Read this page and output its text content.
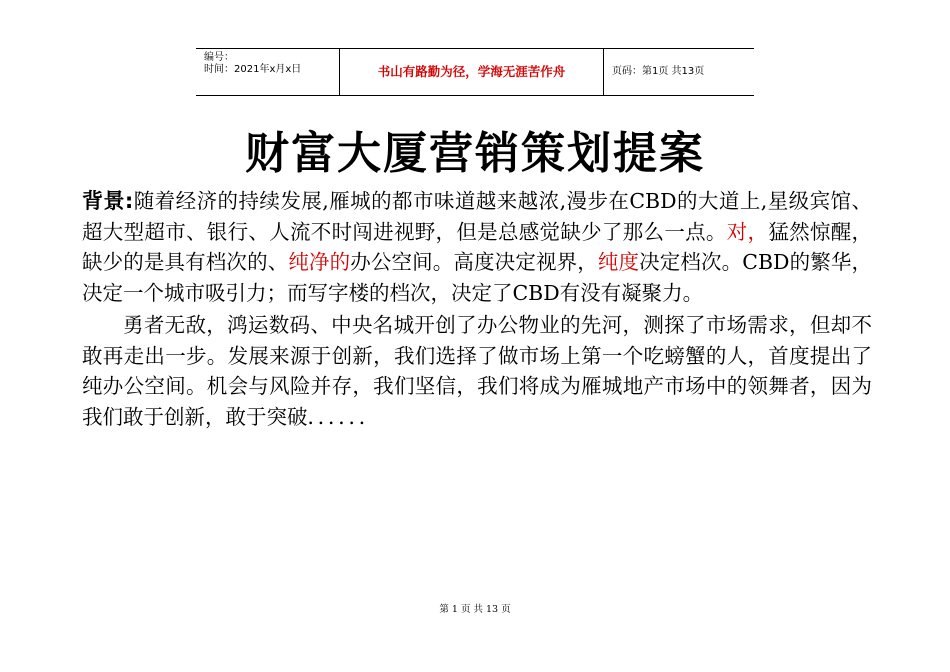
编号：
时间：2021年x月x日	书山有路勤为径，学海无涯苦作舟	页码：第1页 共13页
财富大厦营销策划提案

背景:随着经济的持续发展,雁城的都市味道越来越浓,漫步在CBD的大道上,星级宾馆、超大型超市、银行、人流不时闯进视野，但是总感觉缺少了那么一点。对，猛然惊醒，缺少的是具有档次的、纯净的办公空间。高度决定视界，纯度决定档次。CBD的繁华，决定一个城市吸引力；而写字楼的档次，决定了CBD有没有凝聚力。

勇者无敌，鸿运数码、中央名城开创了办公物业的先河，测探了市场需求，但却不敢再走出一步。发展来源于创新，我们选择了做市场上第一个吃螃蟹的人，首度提出了纯办公空间。机会与风险并存，我们坚信，我们将成为雁城地产市场中的领舞者，因为我们敢于创新，敢于突破．．．．．．

第 1 页 共 13 页
